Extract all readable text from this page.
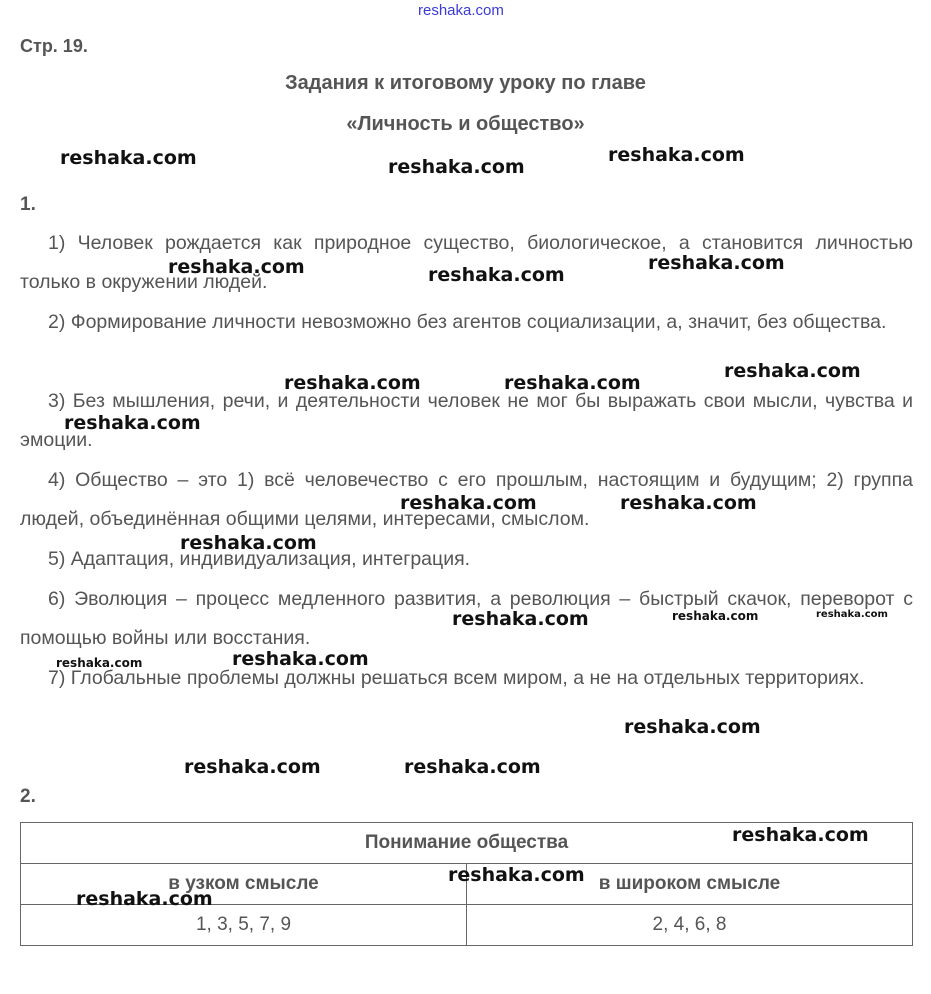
reshaka.com
Стр. 19.
Задания к итоговому уроку по главе
«Личность и общество»
1.
1) Человек рождается как природное существо, биологическое, а становится личностью только в окружении людей.
2) Формирование личности невозможно без агентов социализации, а, значит, без общества.
3) Без мышления, речи, и деятельности человек не мог бы выражать свои мысли, чувства и эмоции.
4) Общество – это 1) всё человечество с его прошлым, настоящим и будущим; 2) группа людей, объединённая общими целями, интересами, смыслом.
5) Адаптация, индивидуализация, интеграция.
6) Эволюция – процесс медленного развития, а революция – быстрый скачок, переворот с помощью войны или восстания.
7) Глобальные проблемы должны решаться всем миром, а не на отдельных территориях.
2.
Понимание общества	
в узком смысле	в широком смысле
1, 3, 5, 7, 9	2, 4, 6, 8
reshaka.com	reshaka.com
reshaka.com
reshaka.com	reshaka.com
reshaka.com
reshaka.com	reshaka.com
reshaka.com
reshaka.com
reshaka.com	reshaka.com
reshaka.com
reshaka.com	reshaka.com	reshaka.com
reshaka.com	reshaka.com
reshaka.com
reshaka.com	reshaka.com
reshaka.com
reshaka.com
reshaka.com
